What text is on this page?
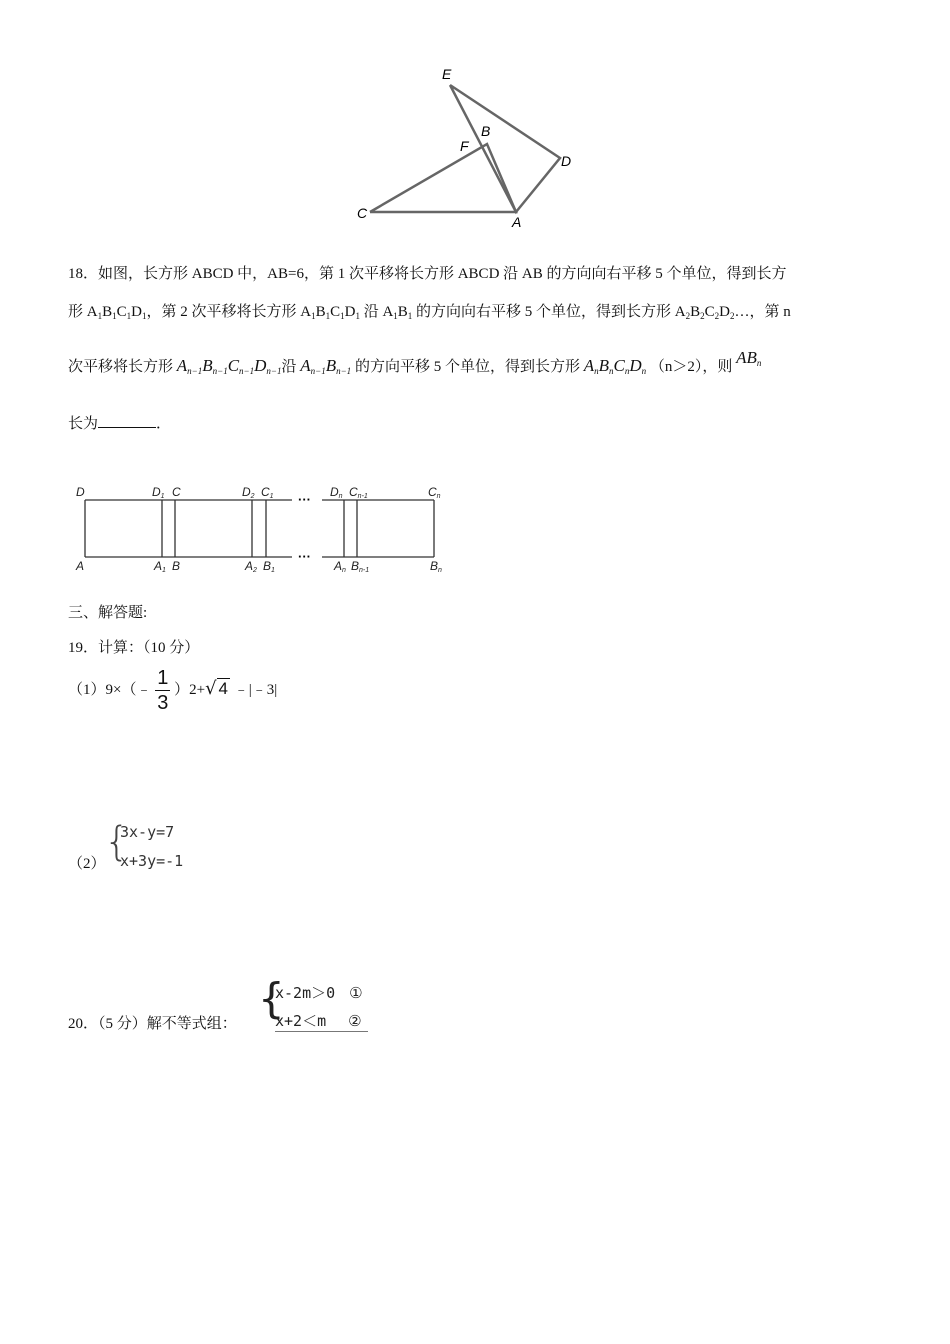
E
F
B
D
C
A
18．如图，长方形 ABCD 中，AB=6，第 1 次平移将长方形 ABCD 沿 AB 的方向向右平移 5 个单位，得到长方
形 $A_1B_1C_1D_1$，第 2 次平移将长方形 $A_1B_1C_1D_1$ 沿 $A_1B_1$ 的方向向右平移 5 个单位，得到长方形 $A_2B_2C_2D_2\dots$，第 n
次平移将长方形 $A_{n-1}B_{n-1}C_{n-1}D_{n-1}$沿 $A_{n-1}B_{n-1}$ 的方向平移 5 个单位，得到长方形 $A_nB_nC_nD_n$ （n＞2），则 $AB_n$
长为	．
···
···
D	D1 C	D2 C1	Dn Cn-1	Cn
A	A1 B	A2 B1	An Bn-1	Bn
三、解答题:
19．计算：（10 分）
（1）9×（﹣ $\frac{1}{3} )2+√$ 4 ﹣|﹣3|
（2）
{
3x-y=7
x+3y=-1
20．（5 分）解不等式组：
{
x-2m＞0 ①
x+2＜m ②
